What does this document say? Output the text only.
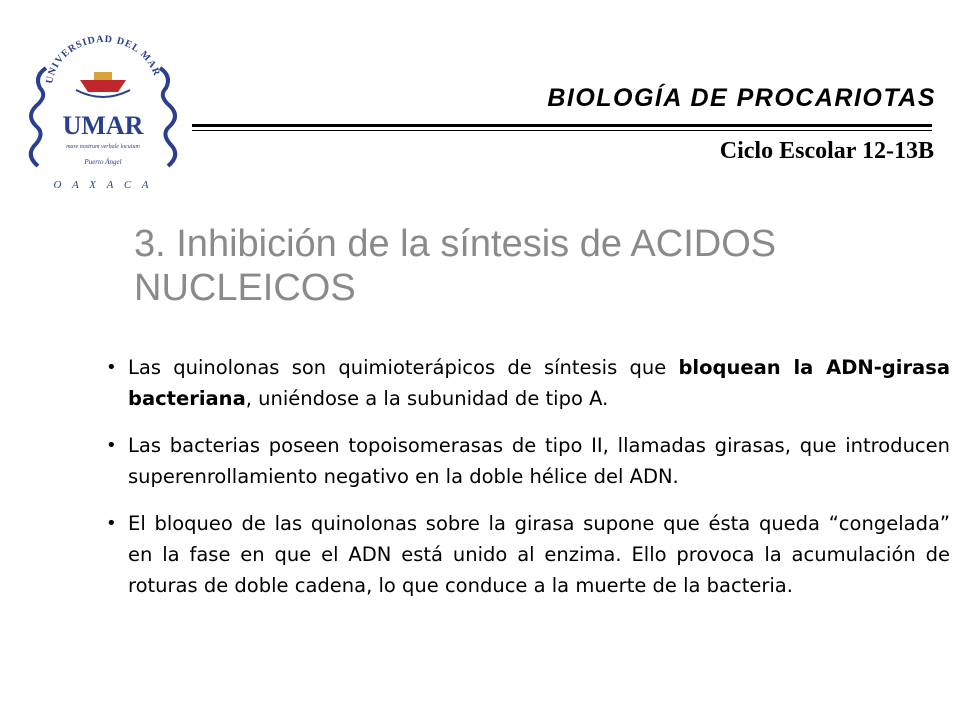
UNIVERSIDAD DEL MAR
UMAR
mare nostrum verbale locutum
Puerto Ángel
O A X A C A
BIOLOGÍA DE PROCARIOTAS
Ciclo Escolar 12-13B
3. Inhibición de la síntesis de ACIDOS NUCLEICOS
• Las quinolonas son quimioterápicos de síntesis que bloquean la ADN-girasa bacteriana, uniéndose a la subunidad de tipo A.
• Las bacterias poseen topoisomerasas de tipo II, llamadas girasas, que introducen superenrollamiento negativo en la doble hélice del ADN.
• El bloqueo de las quinolonas sobre la girasa supone que ésta queda “congelada” en la fase en que el ADN está unido al enzima. Ello provoca la acumulación de roturas de doble cadena, lo que conduce a la muerte de la bacteria.
